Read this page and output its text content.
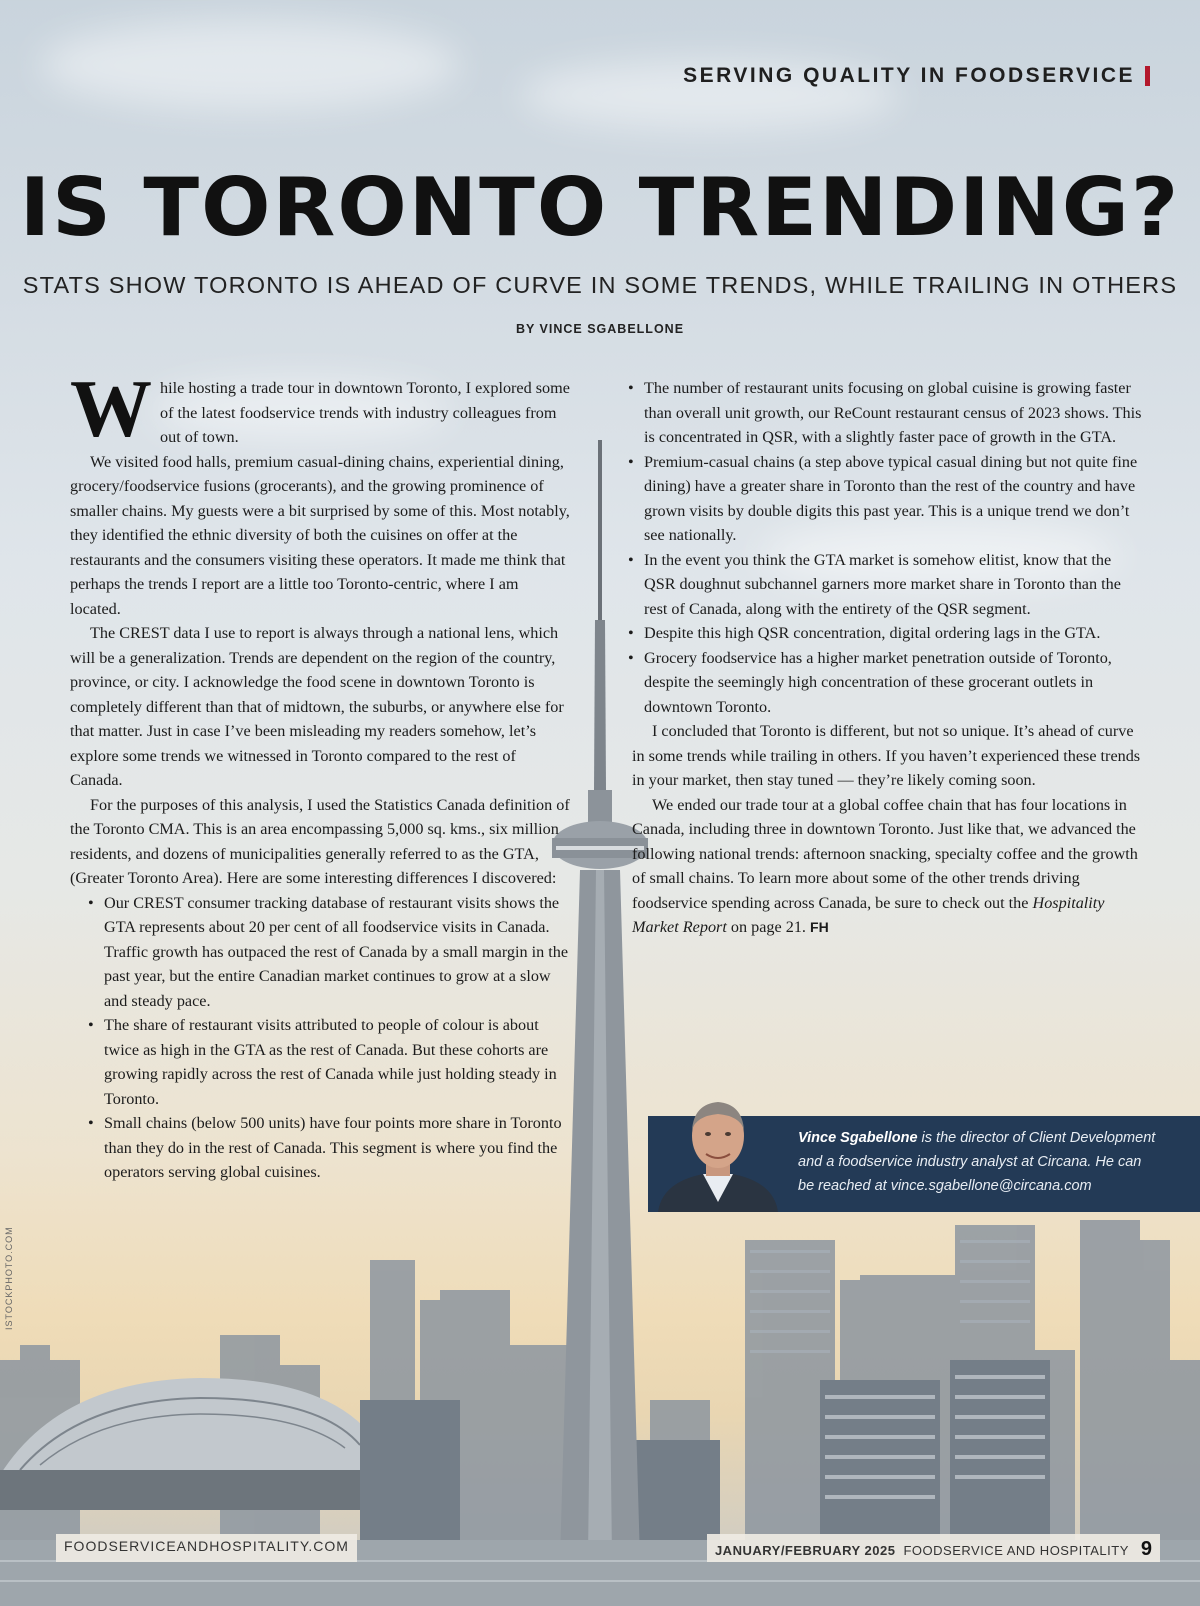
SERVING QUALITY IN FOODSERVICE
IS TORONTO TRENDING?
STATS SHOW TORONTO IS AHEAD OF CURVE IN SOME TRENDS, WHILE TRAILING IN OTHERS
BY VINCE SGABELLONE

While hosting a trade tour in downtown Toronto, I explored some of the latest foodservice trends with industry colleagues from out of town.

We visited food halls, premium casual-dining chains, experiential dining, grocery/foodservice fusions (grocerants), and the growing prominence of smaller chains. My guests were a bit surprised by some of this. Most notably, they identified the ethnic diversity of both the cuisines on offer at the restaurants and the consumers visiting these operators. It made me think that perhaps the trends I report are a little too Toronto-centric, where I am located.

The CREST data I use to report is always through a national lens, which will be a generalization. Trends are dependent on the region of the country, province, or city. I acknowledge the food scene in downtown Toronto is completely different than that of midtown, the suburbs, or anywhere else for that matter. Just in case I’ve been misleading my readers somehow, let’s explore some trends we witnessed in Toronto compared to the rest of Canada.

For the purposes of this analysis, I used the Statistics Canada definition of the Toronto CMA. This is an area encompassing 5,000 sq. kms., six million residents, and dozens of municipalities generally referred to as the GTA, (Greater Toronto Area). Here are some interesting differences I discovered:

• Our CREST consumer tracking database of restaurant visits shows the GTA represents about 20 per cent of all foodservice visits in Canada. Traffic growth has outpaced the rest of Canada by a small margin in the past year, but the entire Canadian market continues to grow at a slow and steady pace.
• The share of restaurant visits attributed to people of colour is about twice as high in the GTA as the rest of Canada. But these cohorts are growing rapidly across the rest of Canada while just holding steady in Toronto.
• Small chains (below 500 units) have four points more share in Toronto than they do in the rest of Canada. This segment is where you find the operators serving global cuisines.
• The number of restaurant units focusing on global cuisine is growing faster than overall unit growth, our ReCount restaurant census of 2023 shows. This is concentrated in QSR, with a slightly faster pace of growth in the GTA.
• Premium-casual chains (a step above typical casual dining but not quite fine dining) have a greater share in Toronto than the rest of the country and have grown visits by double digits this past year. This is a unique trend we don’t see nationally.
• In the event you think the GTA market is somehow elitist, know that the QSR doughnut subchannel garners more market share in Toronto than the rest of Canada, along with the entirety of the QSR segment.
• Despite this high QSR concentration, digital ordering lags in the GTA.
• Grocery foodservice has a higher market penetration outside of Toronto, despite the seemingly high concentration of these grocerant outlets in downtown Toronto.

I concluded that Toronto is different, but not so unique. It’s ahead of curve in some trends while trailing in others. If you haven’t experienced these trends in your market, then stay tuned — they’re likely coming soon.

We ended our trade tour at a global coffee chain that has four locations in Canada, including three in downtown Toronto. Just like that, we advanced the following national trends: afternoon snacking, specialty coffee and the growth of small chains. To learn more about some of the other trends driving foodservice spending across Canada, be sure to check out the Hospitality Market Report on page 21. FH

Vince Sgabellone is the director of Client Development and a foodservice industry analyst at Circana. He can be reached at vince.sgabellone@circana.com
ISTOCKPHOTO.COM
FOODSERVICEANDHOSPITALITY.COM	JANUARY/FEBRUARY 2025 FOODSERVICE AND HOSPITALITY 9
